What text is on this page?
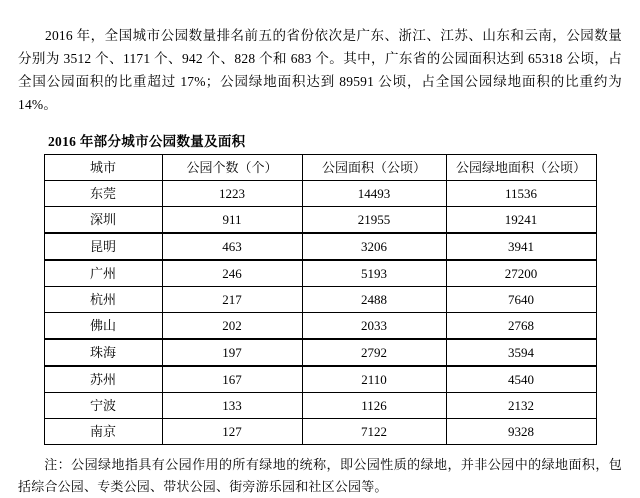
2016 年，全国城市公园数量排名前五的省份依次是广东、浙江、江苏、山东和云南，公园数量分别为 3512 个、1171 个、942 个、828 个和 683 个。其中，广东省的公园面积达到 65318 公顷，占全国公园面积的比重超过 17%；公园绿地面积达到 89591 公顷，占全国公园绿地面积的比重约为 14%。

2016 年部分城市公园数量及面积
城市	公园个数（个）	公园面积（公顷）	公园绿地面积（公顷）
东莞	1223	14493	11536
深圳	911	21955	19241
昆明	463	3206	3941
广州	246	5193	27200
杭州	217	2488	7640
佛山	202	2033	2768
珠海	197	2792	3594
苏州	167	2110	4540
宁波	133	1126	2132
南京	127	7122	9328

注：公园绿地指具有公园作用的所有绿地的统称，即公园性质的绿地，并非公园中的绿地面积，包括综合公园、专类公园、带状公园、街旁游乐园和社区公园等。
